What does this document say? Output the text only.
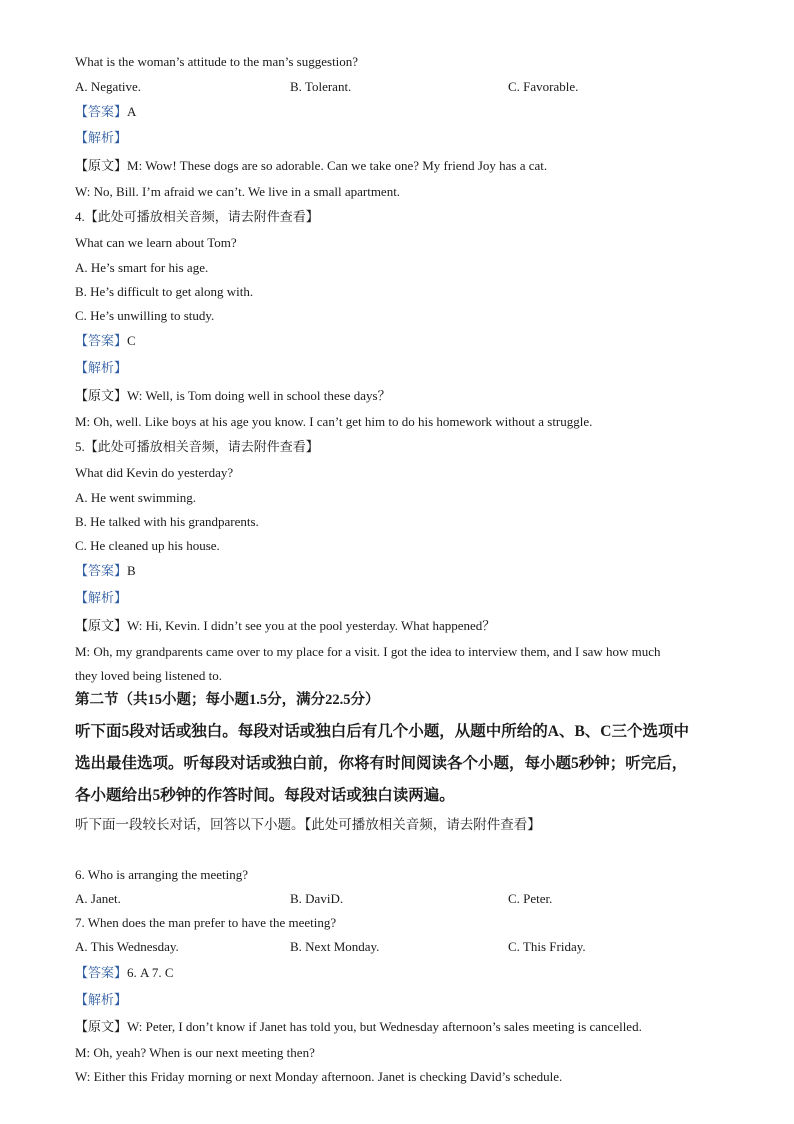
What is the woman’s attitude to the man’s suggestion?
A. Negative.	B. Tolerant.	C. Favorable.
【答案】A
【解析】
【原文】M: Wow! These dogs are so adorable. Can we take one? My friend Joy has a cat.
W: No, Bill. I’m afraid we can’t. We live in a small apartment.
4.【此处可播放相关音频，请去附件查看】
What can we learn about Tom?
A. He’s smart for his age.
B. He’s difficult to get along with.
C. He’s unwilling to study.
【答案】C
【解析】
【原文】W: Well, is Tom doing well in school these days？
M: Oh, well. Like boys at his age you know. I can’t get him to do his homework without a struggle.
5.【此处可播放相关音频，请去附件查看】
What did Kevin do yesterday?
A. He went swimming.
B. He talked with his grandparents.
C. He cleaned up his house.
【答案】B
【解析】
【原文】W: Hi, Kevin. I didn’t see you at the pool yesterday. What happened？
M: Oh, my grandparents came over to my place for a visit. I got the idea to interview them, and I saw how much
they loved being listened to.
第二节（共15小题；每小题1.5分，满分22.5分）
听下面5段对话或独白。每段对话或独白后有几个小题，从题中所给的A、B、C三个选项中
选出最佳选项。听每段对话或独白前，你将有时间阅读各个小题，每小题5秒钟；听完后，
各小题给出5秒钟的作答时间。每段对话或独白读两遍。
听下面一段较长对话，回答以下小题。【此处可播放相关音频，请去附件查看】
6. Who is arranging the meeting?
A. Janet.	B. DaviD.	C. Peter.
7. When does the man prefer to have the meeting?
A. This Wednesday.	B. Next Monday.	C. This Friday.
【答案】6. A 7. C
【解析】
【原文】W: Peter, I don’t know if Janet has told you, but Wednesday afternoon’s sales meeting is cancelled.
M: Oh, yeah? When is our next meeting then?
W: Either this Friday morning or next Monday afternoon. Janet is checking David’s schedule.
